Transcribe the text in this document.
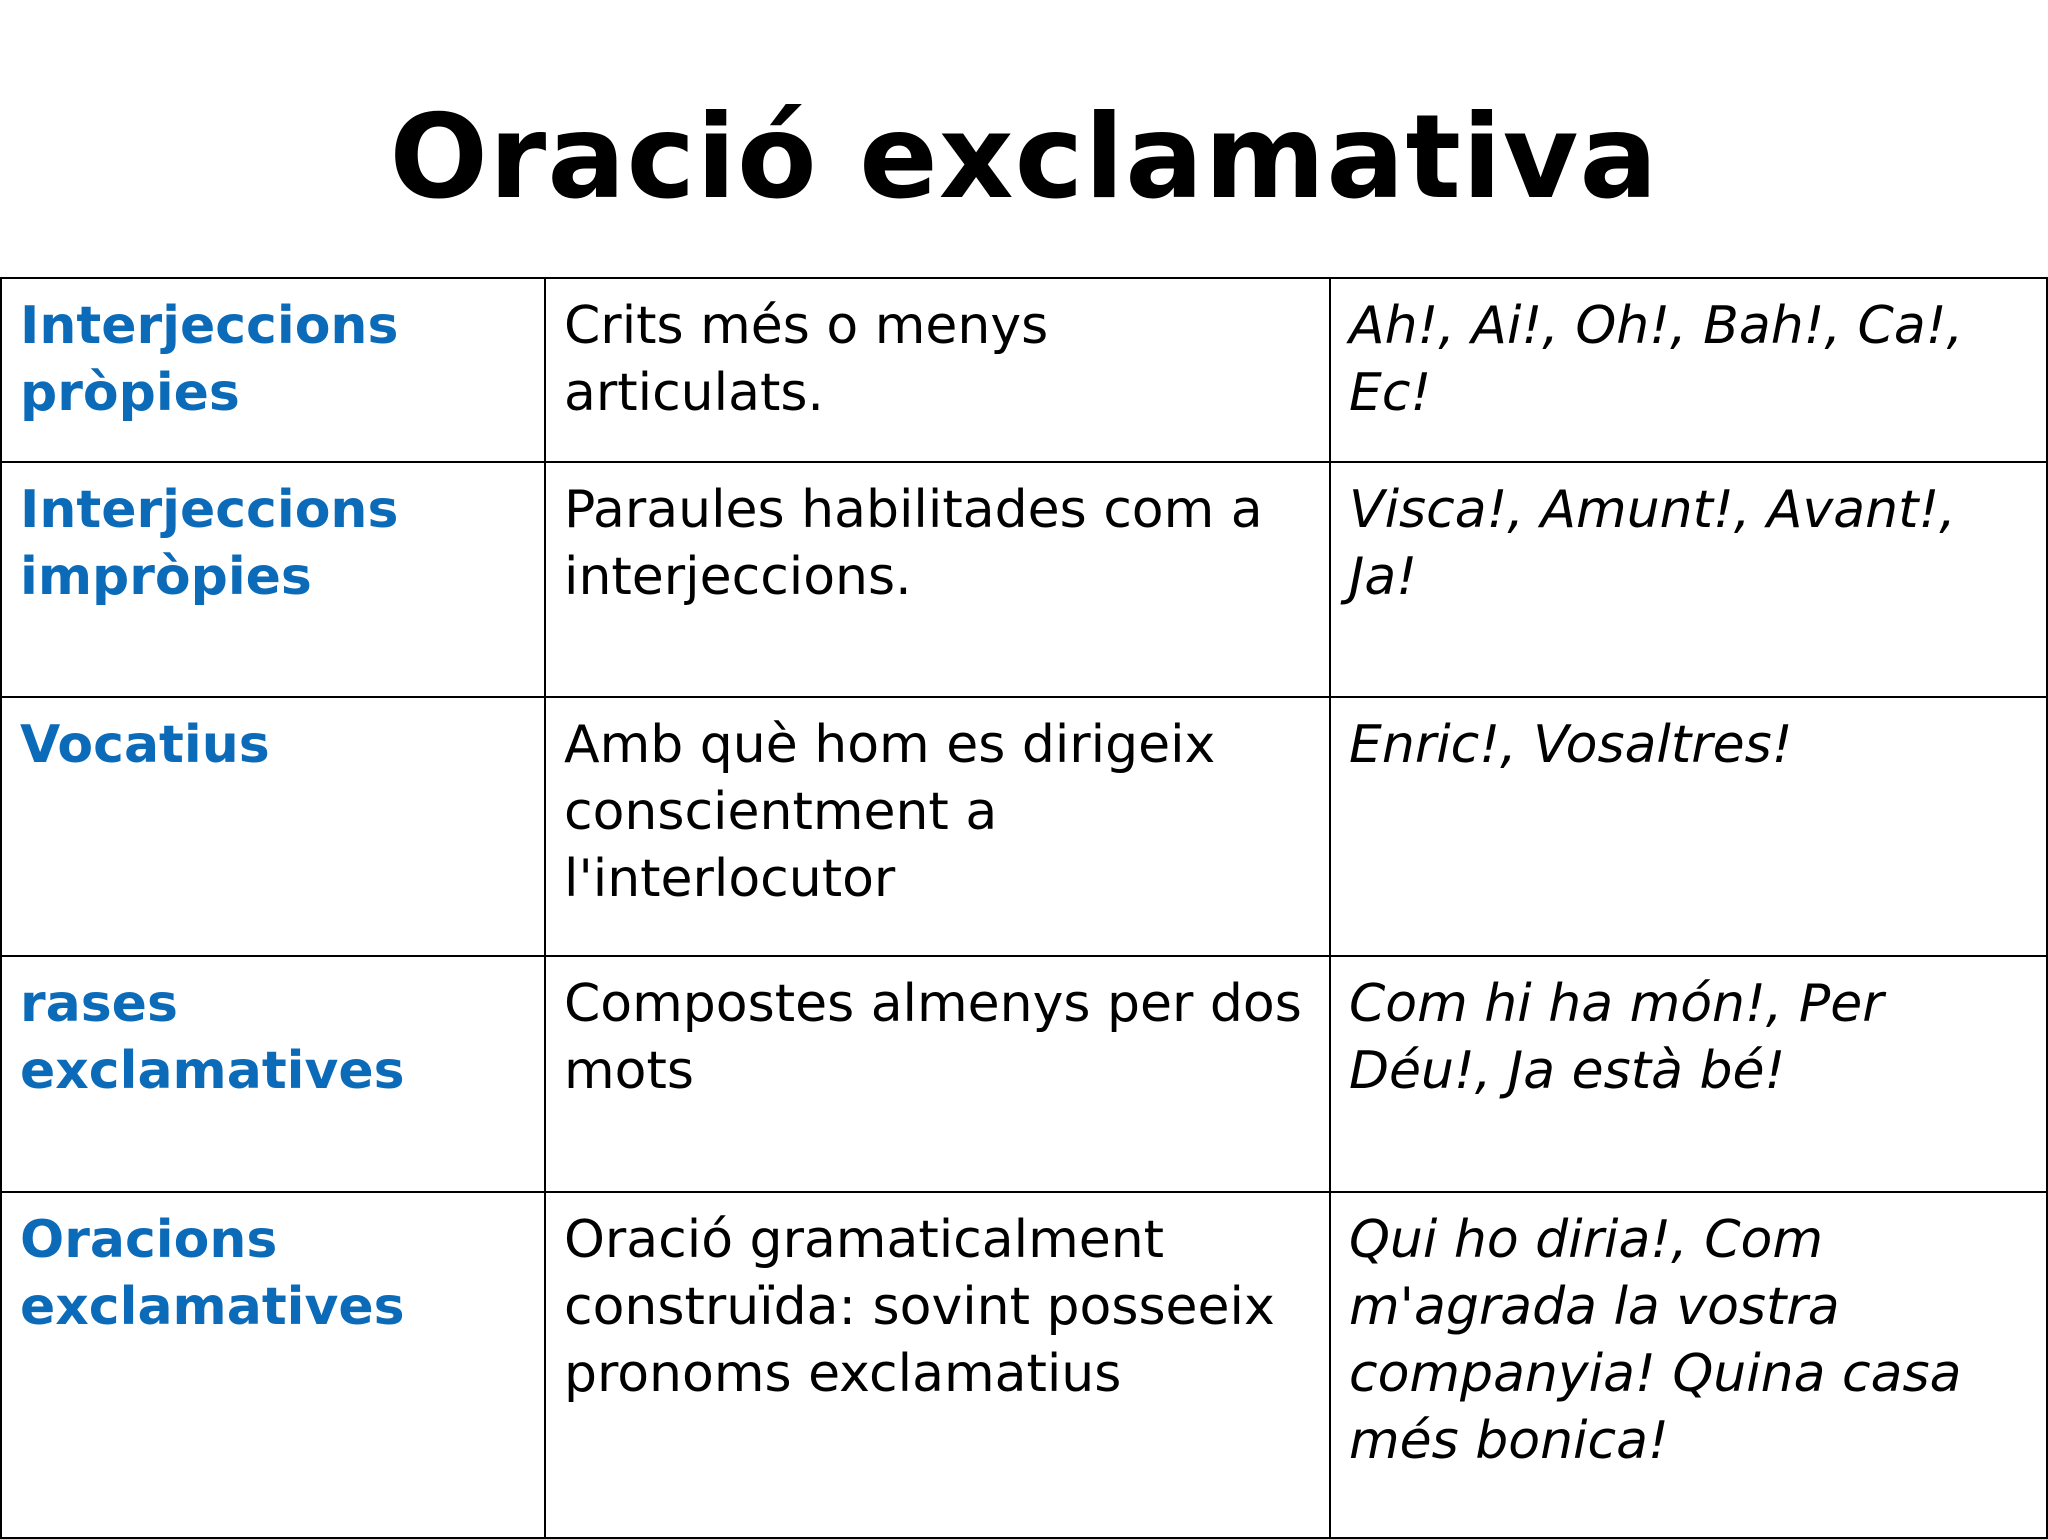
Oració exclamativa
Interjeccions pròpies	Crits més o menys articulats.	Ah!, Ai!, Oh!, Bah!, Ca!, Ec!
Interjeccions impròpies	Paraules habilitades com a interjeccions.	Visca!, Amunt!, Avant!, Ja!
Vocatius	Amb què hom es dirigeix conscientment a l'interlocutor	Enric!, Vosaltres!
rases exclamatives	Compostes almenys per dos mots	Com hi ha món!, Per Déu!, Ja està bé!
Oracions exclamatives	Oració gramaticalment construïda: sovint posseeix pronoms exclamatius	Qui ho diria!, Com m'agrada la vostra companyia! Quina casa més bonica!
